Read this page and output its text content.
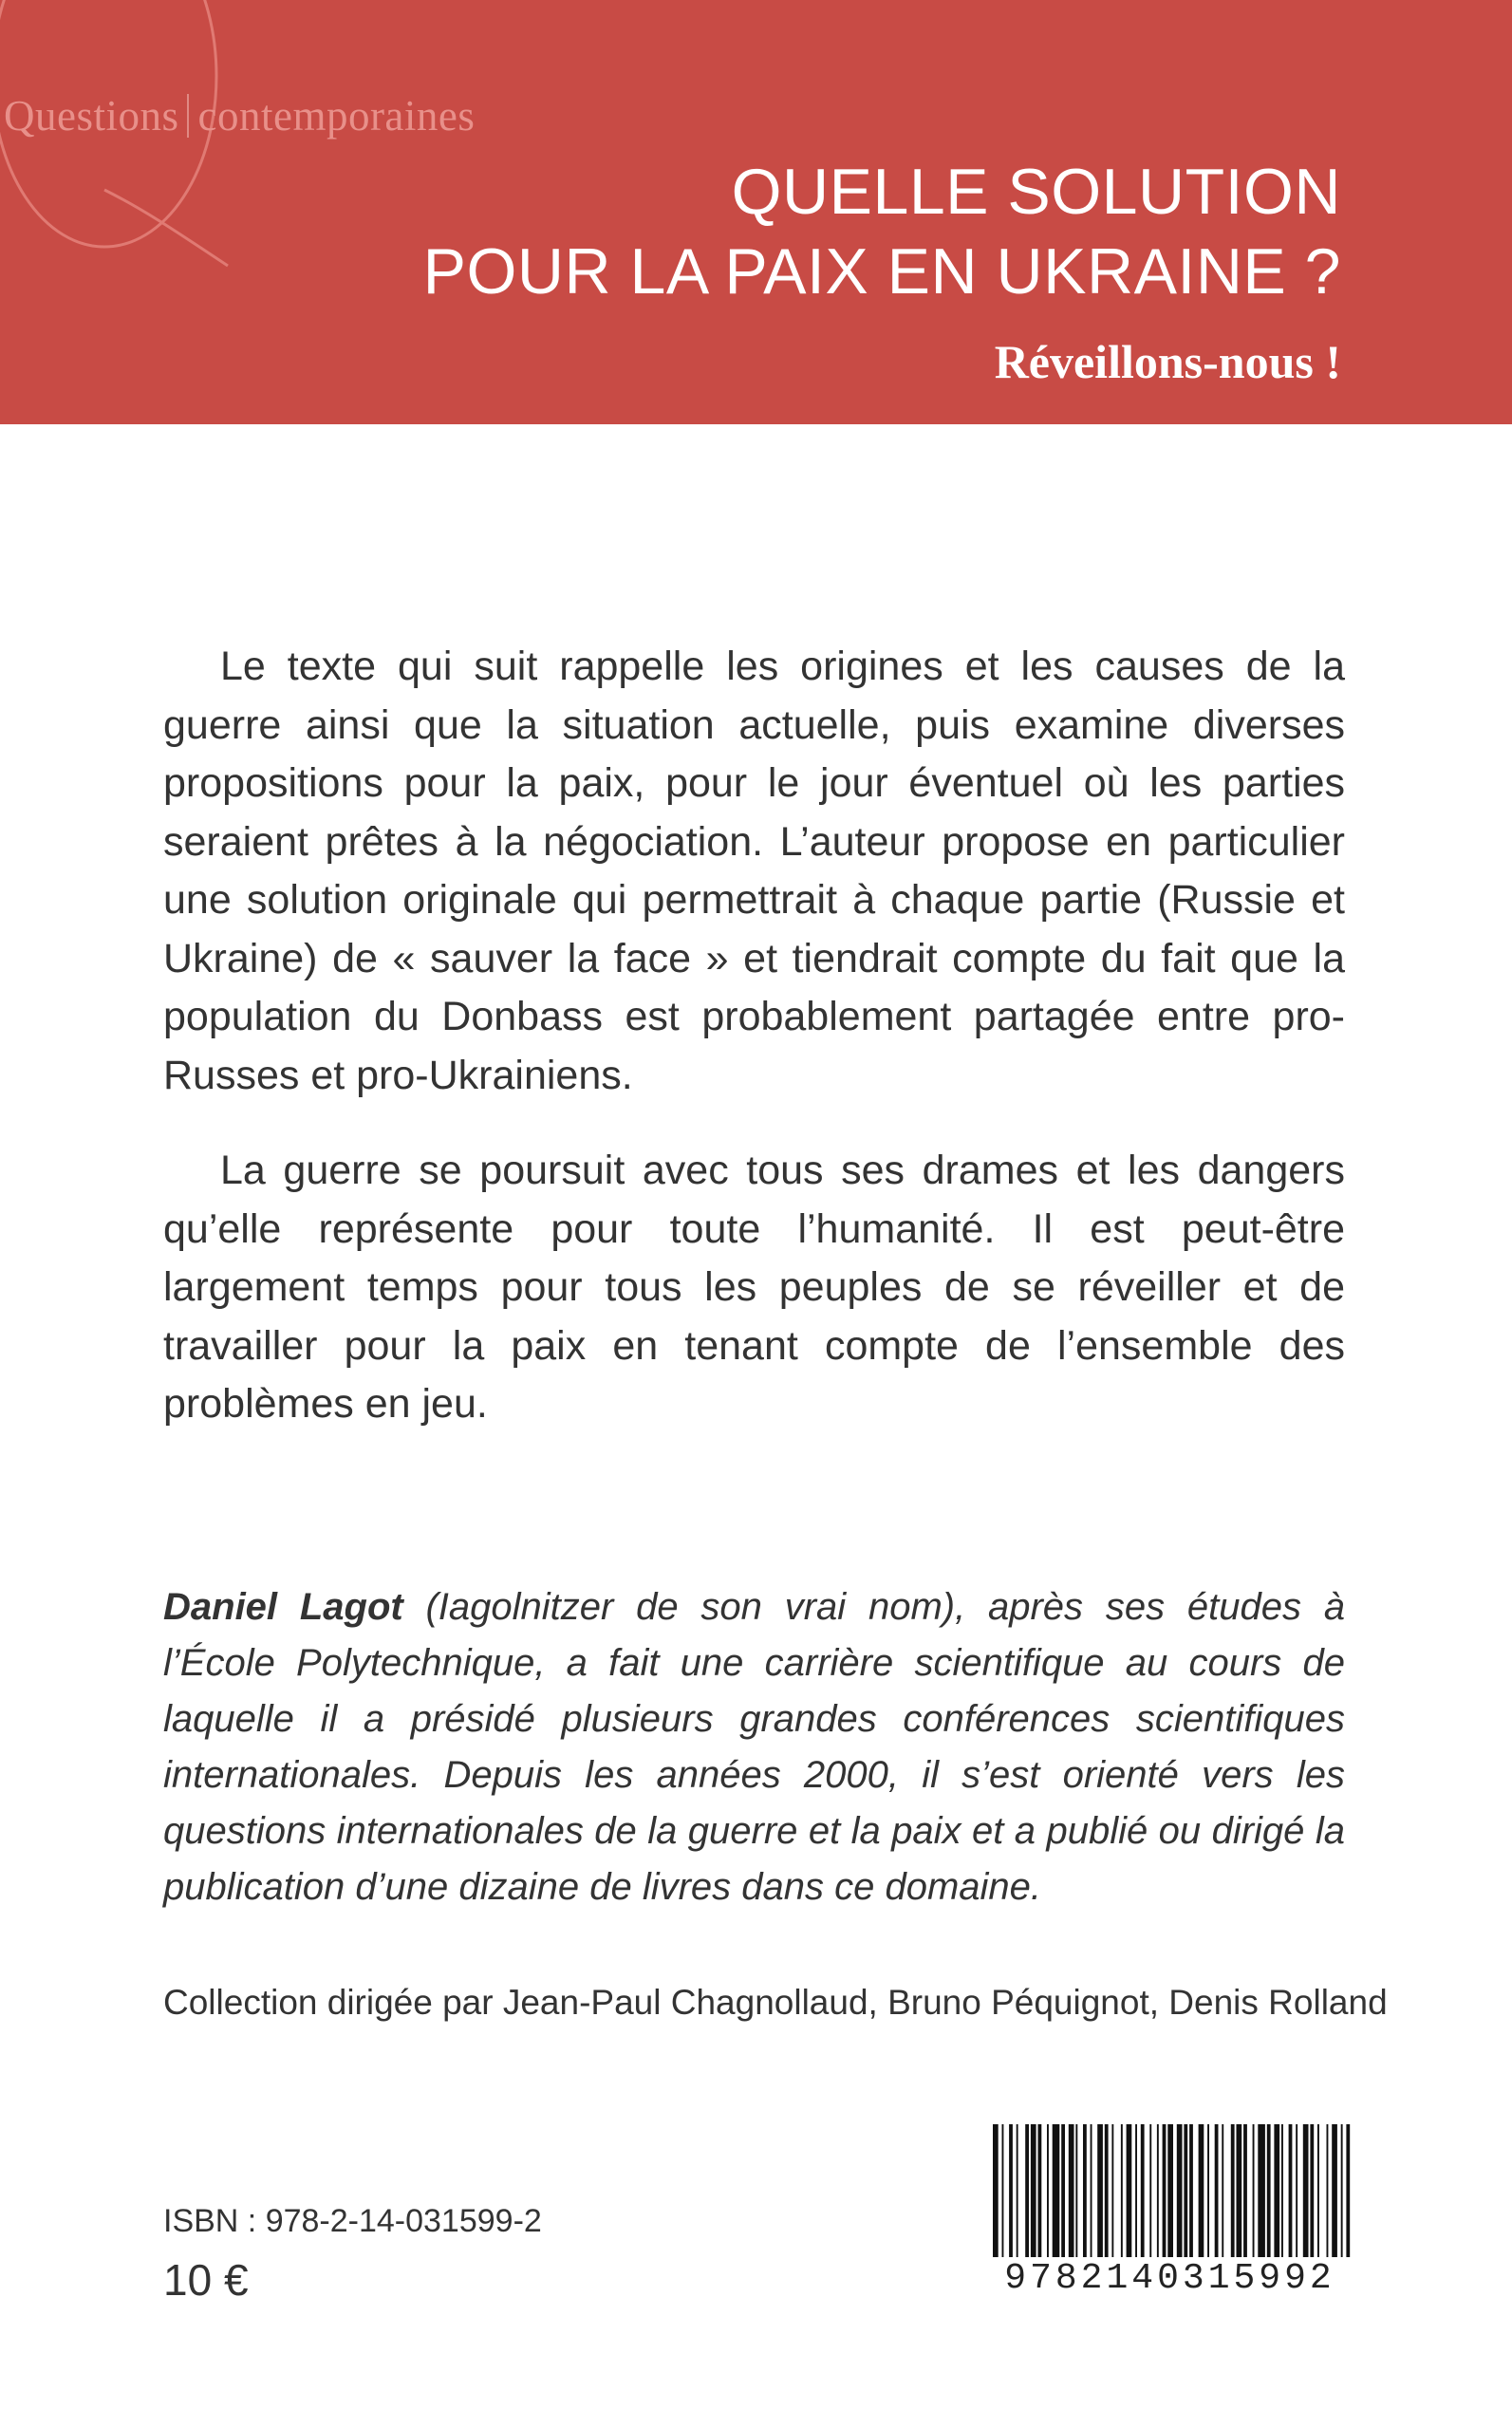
Questions contemporaines
QUELLE SOLUTION
POUR LA PAIX EN UKRAINE ?
Réveillons-nous !

Le texte qui suit rappelle les origines et les causes de la guerre ainsi que la situation actuelle, puis examine diverses propositions pour la paix, pour le jour éventuel où les parties seraient prêtes à la négociation. L’auteur propose en particulier une solution originale qui permettrait à chaque partie (Russie et Ukraine) de « sauver la face » et tiendrait compte du fait que la population du Donbass est probablement partagée entre pro-Russes et pro-Ukrainiens.

La guerre se poursuit avec tous ses drames et les dangers qu’elle représente pour toute l’humanité. Il est peut-être largement temps pour tous les peuples de se réveiller et de travailler pour la paix en tenant compte de l’ensemble des problèmes en jeu.

Daniel Lagot (Iagolnitzer de son vrai nom), après ses études à l’École Polytechnique, a fait une carrière scientifique au cours de laquelle il a présidé plusieurs grandes conférences scientifiques internationales. Depuis les années 2000, il s’est orienté vers les questions internationales de la guerre et la paix et a publié ou dirigé la publication d’une dizaine de livres dans ce domaine.
Collection dirigée par Jean-Paul Chagnollaud, Bruno Péquignot, Denis Rolland
ISBN : 978-2-14-031599-2
10 €	9782140315992
